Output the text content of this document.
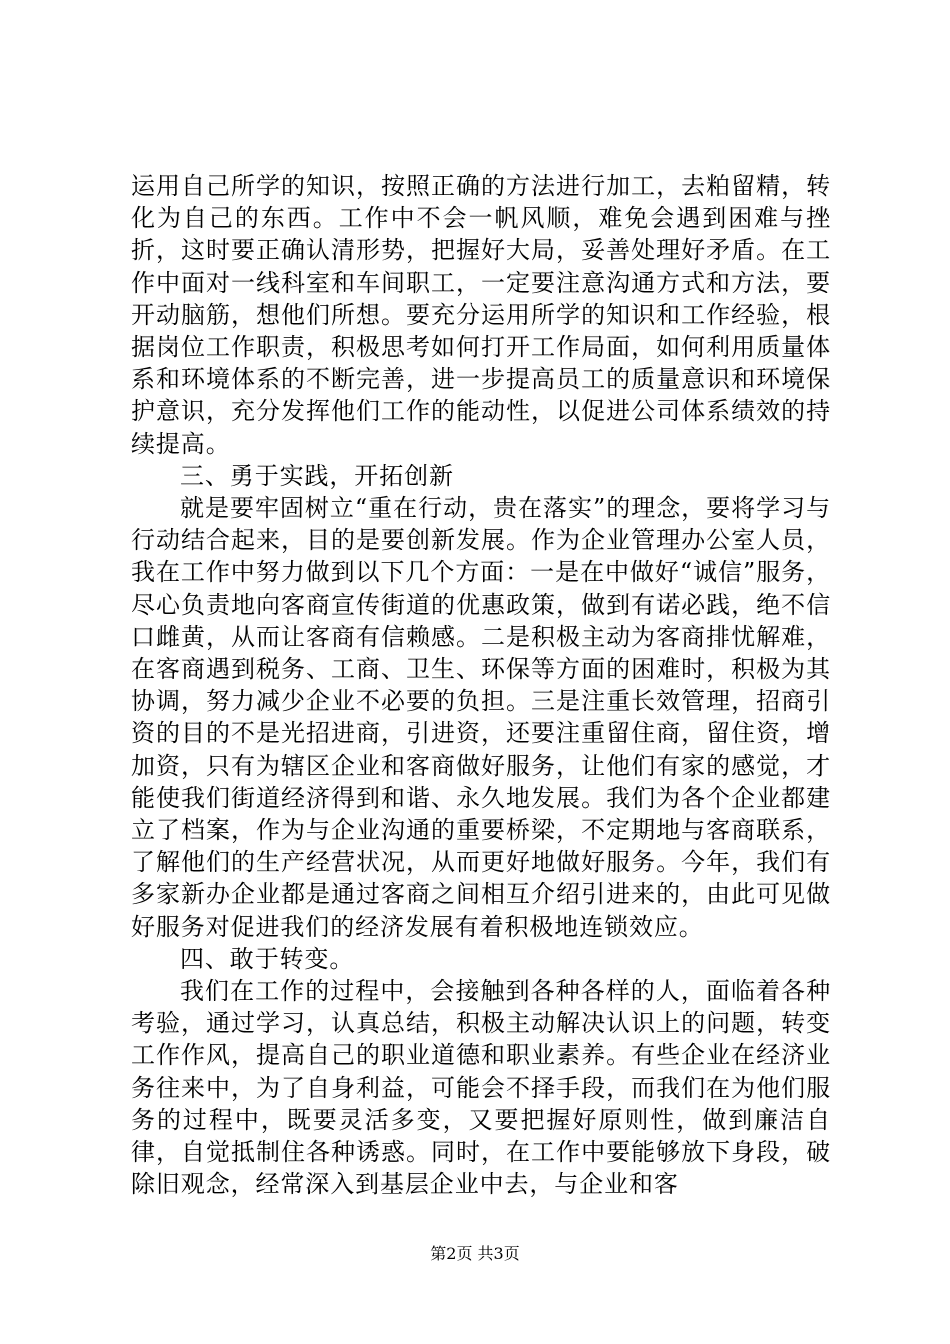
运用自己所学的知识，按照正确的方法进行加工，去粕留精，转化为自己的东西。工作中不会一帆风顺，难免会遇到困难与挫折，这时要正确认清形势，把握好大局，妥善处理好矛盾。在工作中面对一线科室和车间职工，一定要注意沟通方式和方法，要开动脑筋，想他们所想。要充分运用所学的知识和工作经验，根据岗位工作职责，积极思考如何打开工作局面，如何利用质量体系和环境体系的不断完善，进一步提高员工的质量意识和环境保护意识，充分发挥他们工作的能动性，以促进公司体系绩效的持续提高。

三、勇于实践，开拓创新

就是要牢固树立“重在行动，贵在落实”的理念，要将学习与行动结合起来，目的是要创新发展。作为企业管理办公室人员，我在工作中努力做到以下几个方面：一是在中做好“诚信”服务，尽心负责地向客商宣传街道的优惠政策，做到有诺必践，绝不信口雌黄，从而让客商有信赖感。二是积极主动为客商排忧解难，在客商遇到税务、工商、卫生、环保等方面的困难时，积极为其协调，努力减少企业不必要的负担。三是注重长效管理，招商引资的目的不是光招进商，引进资，还要注重留住商，留住资，增加资，只有为辖区企业和客商做好服务，让他们有家的感觉，才能使我们街道经济得到和谐、永久地发展。我们为各个企业都建立了档案，作为与企业沟通的重要桥梁，不定期地与客商联系，了解他们的生产经营状况，从而更好地做好服务。今年，我们有多家新办企业都是通过客商之间相互介绍引进来的，由此可见做好服务对促进我们的经济发展有着积极地连锁效应。

四、敢于转变。

我们在工作的过程中，会接触到各种各样的人，面临着各种考验，通过学习，认真总结，积极主动解决认识上的问题，转变工作作风，提高自己的职业道德和职业素养。有些企业在经济业务往来中，为了自身利益，可能会不择手段，而我们在为他们服务的过程中，既要灵活多变，又要把握好原则性，做到廉洁自律，自觉抵制住各种诱惑。同时，在工作中要能够放下身段，破除旧观念，经常深入到基层企业中去，与企业和客

第2页 共3页
